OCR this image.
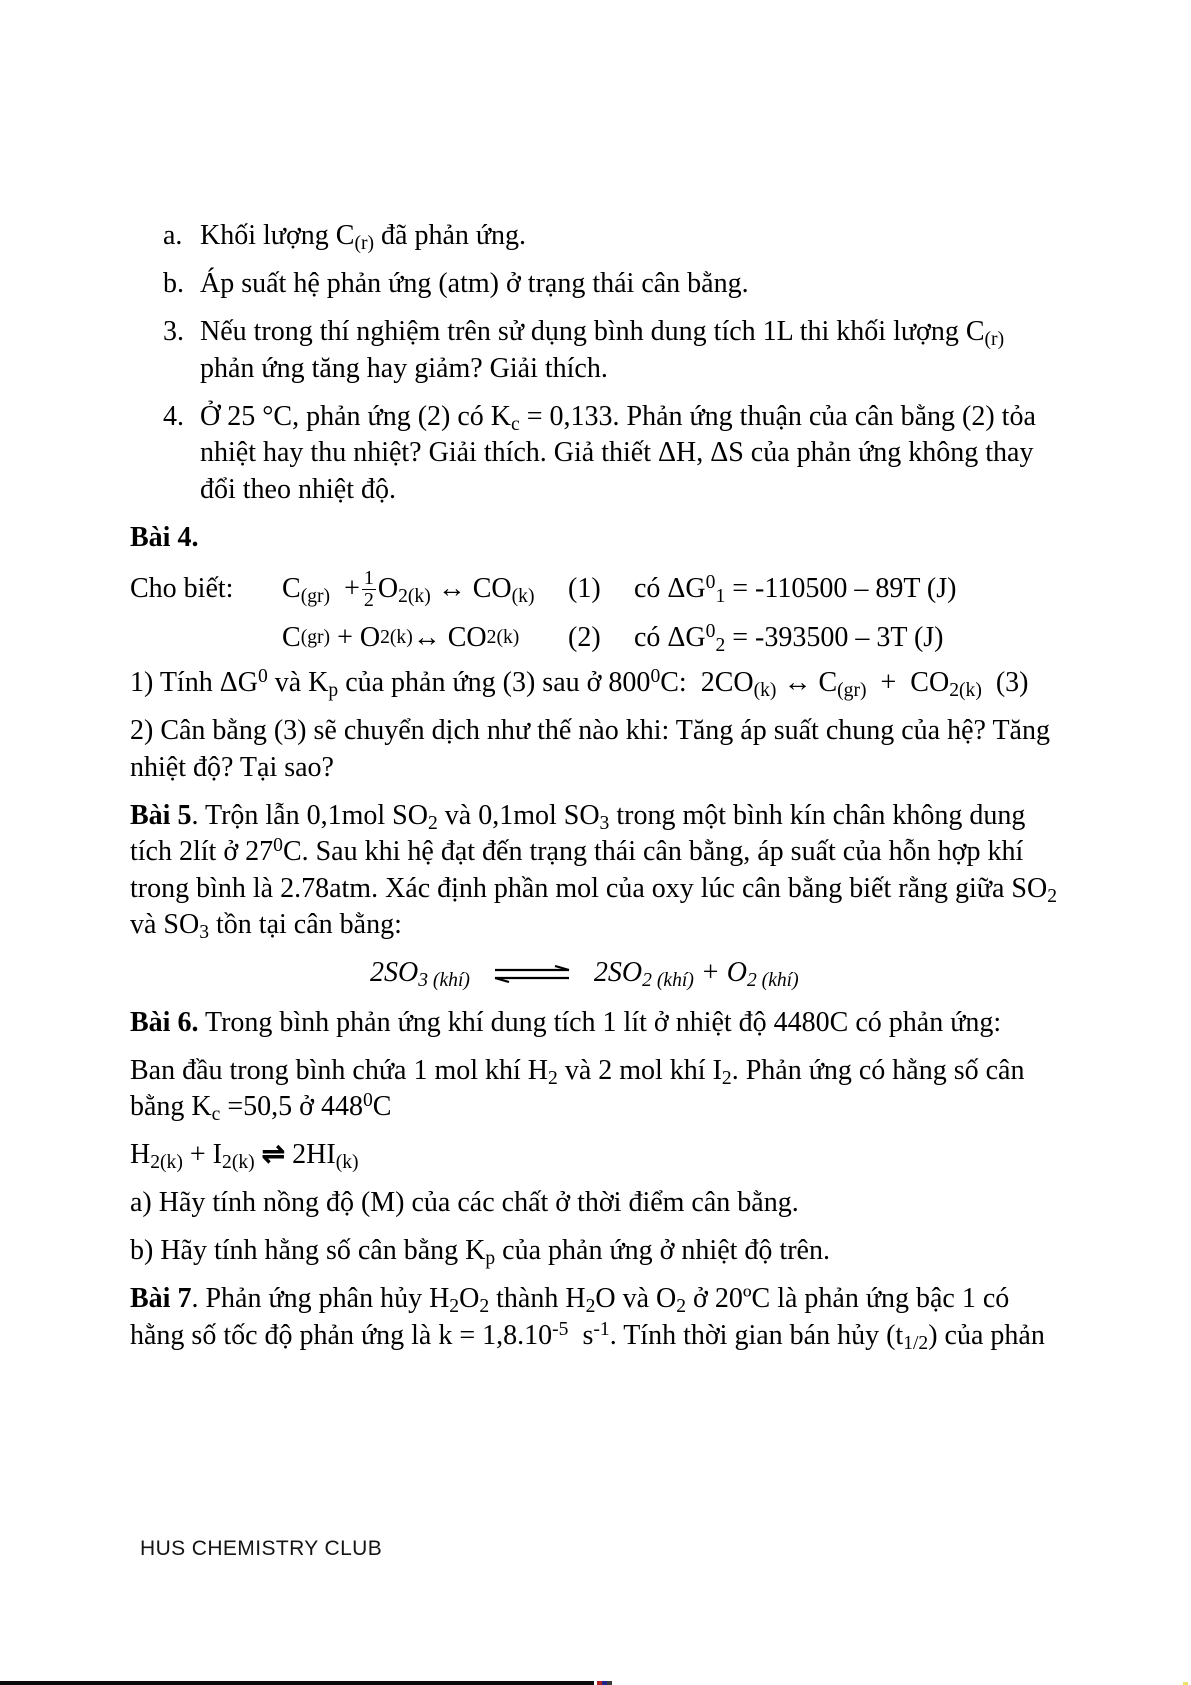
a. Khối lượng $C_{(r)}$ đã phản ứng.
b. Áp suất hệ phản ứng (atm) ở trạng thái cân bằng.
3. Nếu trong thí nghiệm trên sử dụng bình dung tích 1L thi khối lượng $C_{(r)}$ phản ứng tăng hay giảm? Giải thích.
4. Ở 25 °C, phản ứng (2) có $K_c = 0,133$. Phản ứng thuận của cân bằng (2) tỏa nhiệt hay thu nhiệt? Giải thích. Giả thiết ΔH, ΔS của phản ứng không thay đổi theo nhiệt độ.

Bài 4.

Cho biết:	$C_{(gr)} + \frac{1}{2} O_{2(k)}$ ↔ $CO_{(k)}$ (1)	có $\Delta G^0_1 = -110500 - 89T$ (J)
C (gr) + O 2(k) ↔ CO 2(k) (2)	có $\Delta G^0_2 = -393500 - 3T$ (J)

1) Tính $\Delta G^0$ và $K_p$ của phản ứng (3) sau ở $800^0C$:  $2CO_{(k)}$ ↔ $C_{(gr)} + CO_{2(k)}$  (3)

2) Cân bằng (3) sẽ chuyển dịch như thế nào khi: Tăng áp suất chung của hệ? Tăng nhiệt độ? Tại sao?

Bài 5. Trộn lẫn 0,1mol $SO_2$ và 0,1mol $SO_3$ trong một bình kín chân không dung tích 2lít ở $27^0C$. Sau khi hệ đạt đến trạng thái cân bằng, áp suất của hỗn hợp khí trong bình là 2.78atm. Xác định phần mol của oxy lúc cân bằng biết rằng giữa $SO_2$ và $SO_3$ tồn tại cân bằng:

$2SO_{3 (khí)}$ ⇌ $2SO_{2 (khí)} + O_{2 (khí)}$

Bài 6. Trong bình phản ứng khí dung tích 1 lít ở nhiệt độ 4480C có phản ứng:

Ban đầu trong bình chứa 1 mol khí $H_2$ và 2 mol khí $I_2$. Phản ứng có hằng số cân bằng $K_c =50,5$ ở $448^0C$

$H_{2(k)} + I_{2(k)}$ ⇌ $2HI_{(k)}$

a) Hãy tính nồng độ (M) của các chất ở thời điểm cân bằng.

b) Hãy tính hằng số cân bằng $K_p$ của phản ứng ở nhiệt độ trên.

Bài 7. Phản ứng phân hủy $H_2O_2$ thành $H_2O$ và $O_2$ ở 20ºC là phản ứng bậc 1 có hằng số tốc độ phản ứng là $k = 1,8.10^{-5}$  $s^{-1}$. Tính thời gian bán hủy $(t_{1/2})$ của phản

HUS CHEMISTRY CLUB
